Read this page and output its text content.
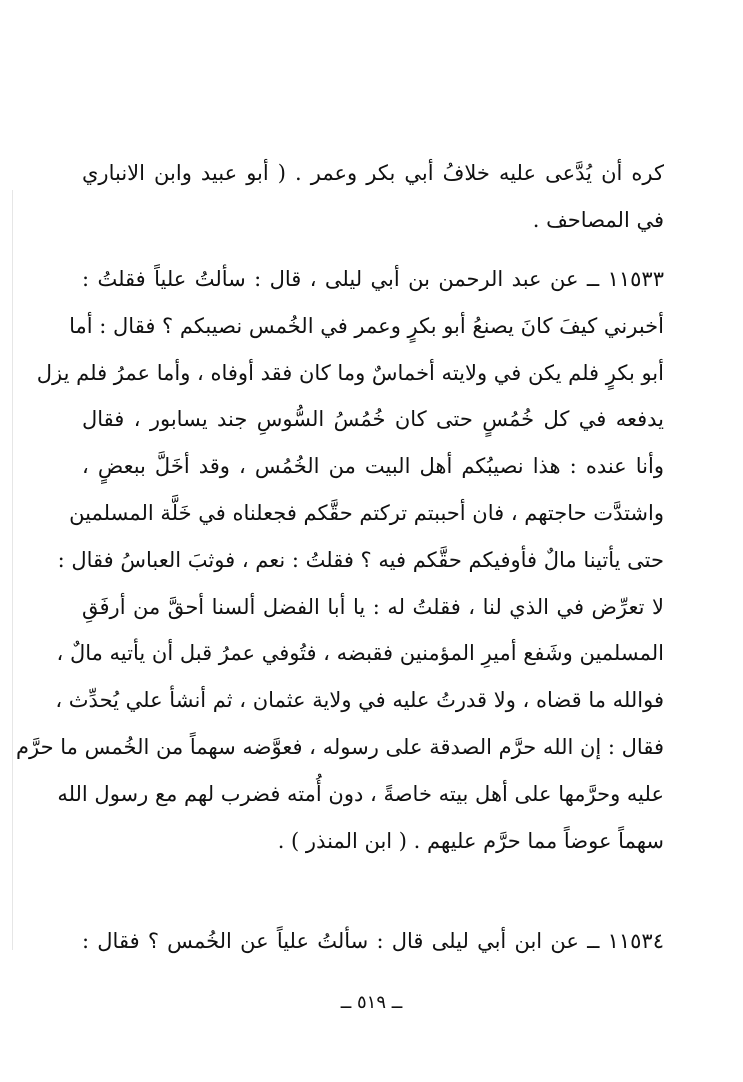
كره أن يُدَّعى عليه خلافُ أبي بكر وعمر . ( أبو عبيد وابن الانباري
في المصاحف .
١١٥٣٣ ــ عن عبد الرحمن بن أبي ليلى ، قال : سألتُ علياً فقلتُ :
أخبرني كيفَ كانَ يصنعُ أبو بكرٍ وعمر في الخُمس نصيبكم ؟ فقال : أما
أبو بكرٍ فلم يكن في ولايته أخماسٌ وما كان فقد أوفاه ، وأما عمرُ فلم يزل
يدفعه في كل خُمُسٍ حتى كان خُمُسُ السُّوسِ جند يسابور ، فقال
وأنا عنده : هذا نصيبُكم أهل البيت من الخُمُس ، وقد أخَلَّ ببعضٍ ،
واشتدَّت حاجتهم ، فان أحببتم تركتم حقَّكم فجعلناه في خَلَّة المسلمين
حتى يأتينا مالٌ فأوفيكم حقَّكم فيه ؟ فقلتُ : نعم ، فوثبَ العباسُ فقال :
لا تعرِّض في الذي لنا ، فقلتُ له : يا أبا الفضل ألسنا أحقَّ من أرفَقِ
المسلمين وشَفع أميرِ المؤمنين فقبضه ، فتُوفي عمرُ قبل أن يأتيه مالٌ ،
فوالله ما قضاه ، ولا قدرتُ عليه في ولاية عثمان ، ثم أنشأ علي يُحدِّث ،
فقال : إن الله حرَّم الصدقة على رسوله ، فعوَّضه سهماً من الخُمس ما حرَّم
عليه وحرَّمها على أهل بيته خاصةً ، دون أُمته فضرب لهم مع رسول الله
سهماً عوضاً مما حرَّم عليهم . ( ابن المنذر ) .
١١٥٣٤ ــ عن ابن أبي ليلى قال : سألتُ علياً عن الخُمس ؟ فقال :
ــ ٥١٩ ــ
